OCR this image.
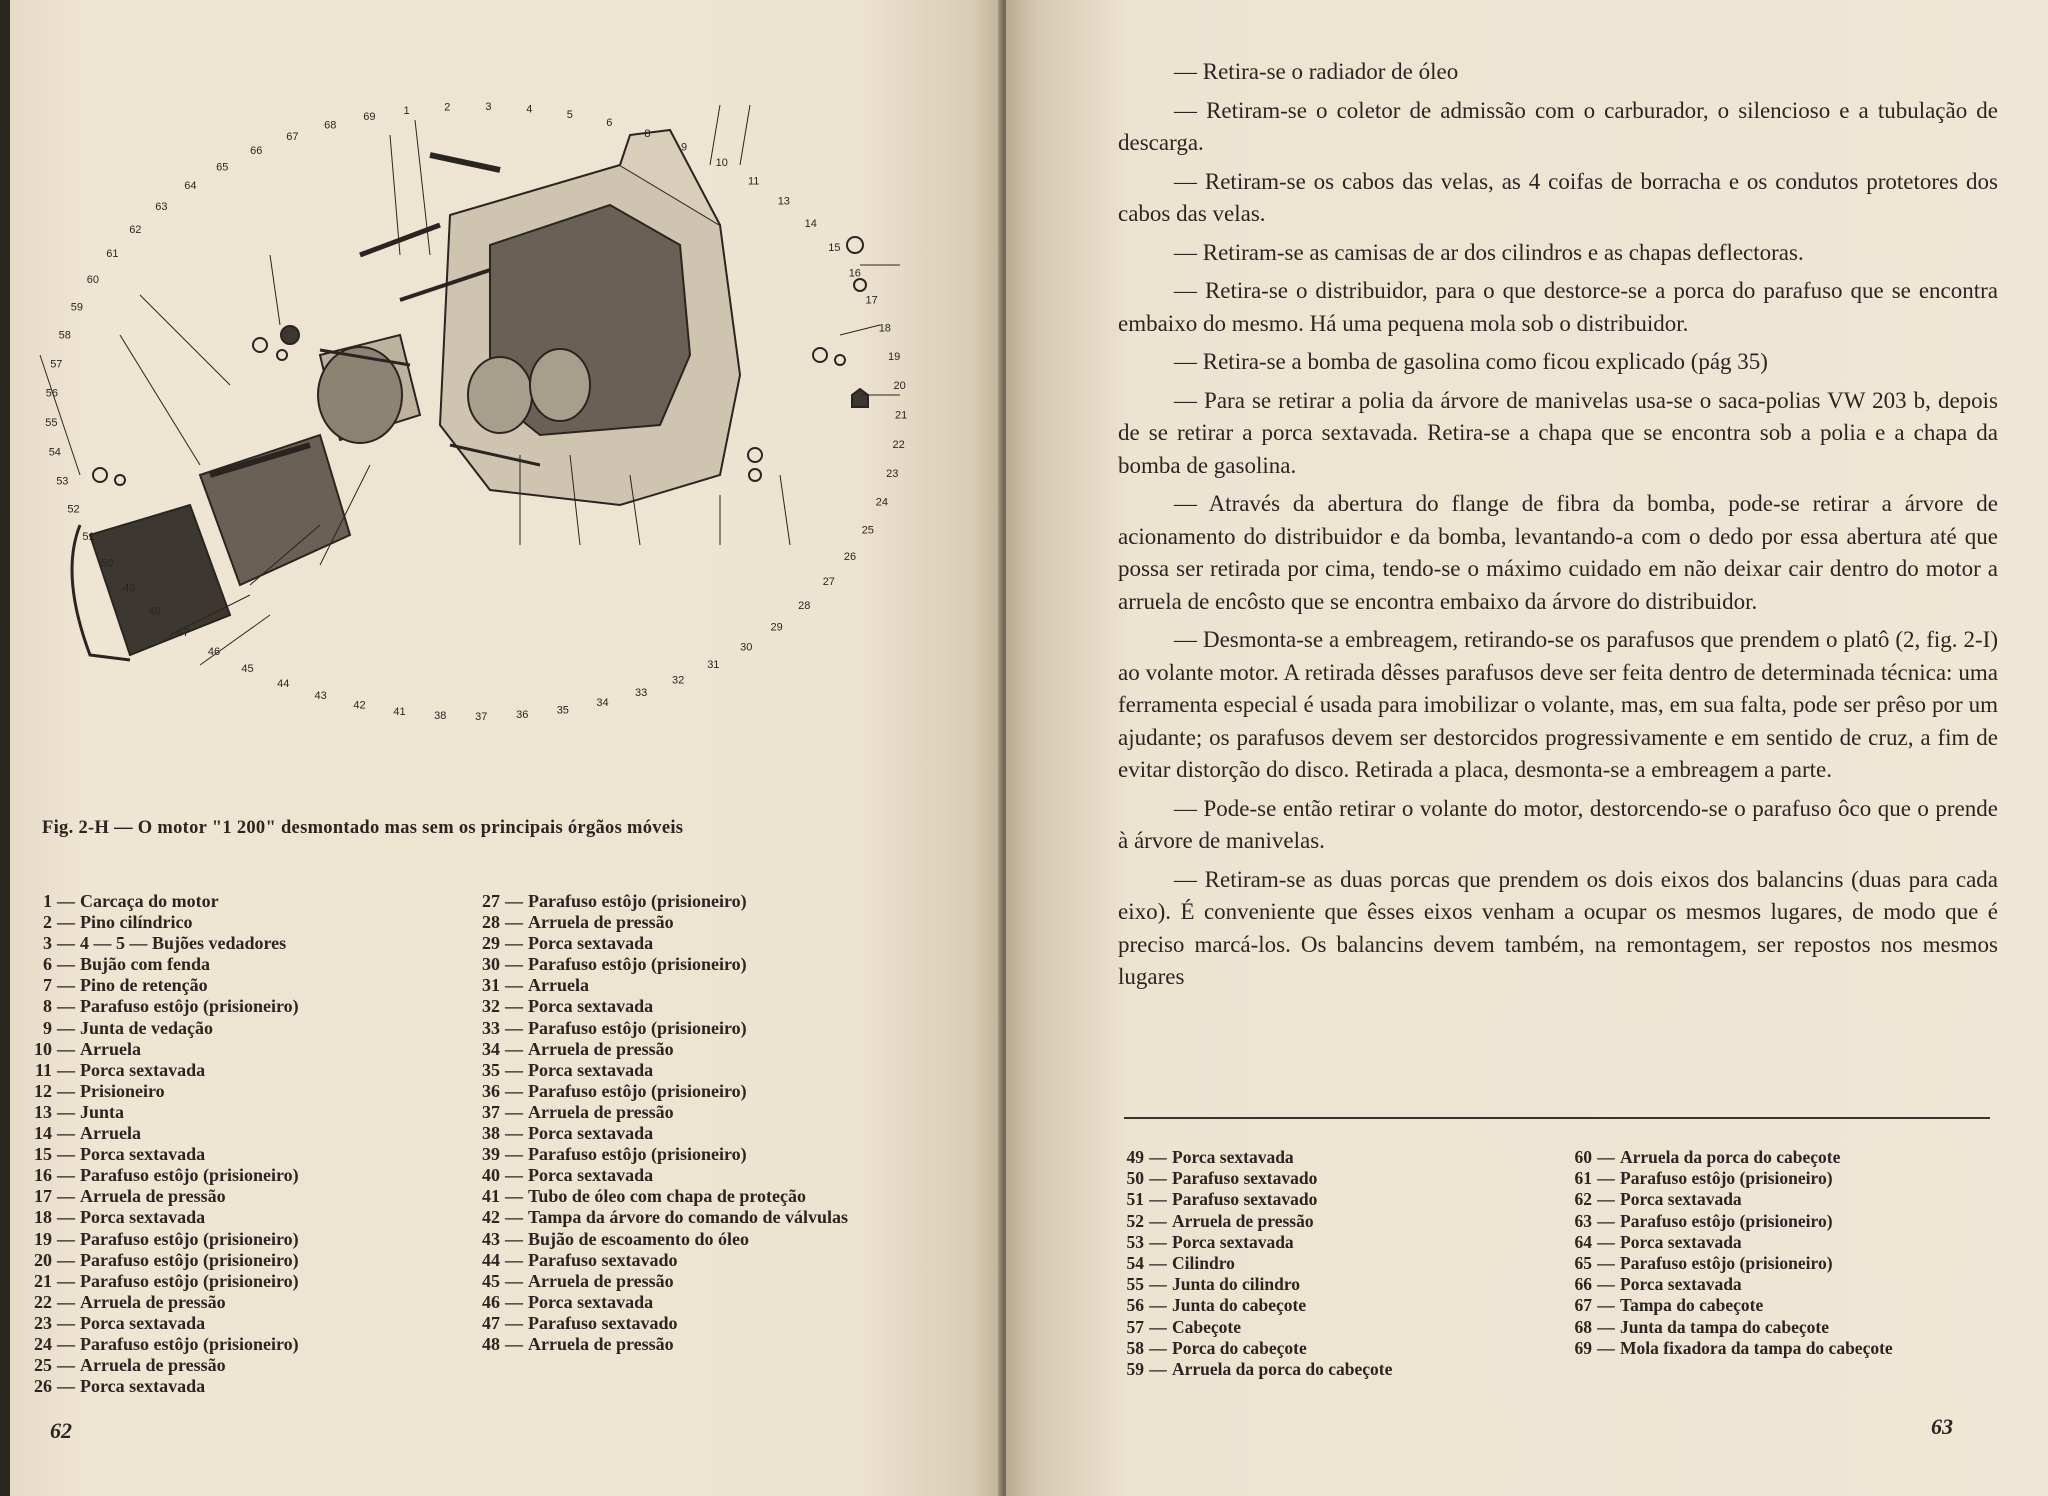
1	2	3	4	5
6
8
9
10
11
13
14
15
16
17
18
19
20
21
22
23
24
25
26
27
28
29
30
31
32
33
34
35
36
37
38
41
42
43
44
45
46
47
48
49
50
51
52
53
54
55
56
57
58
59
60
61
62
63
64
65
66
67
68
69
Fig. 2-H — O motor "1 200" desmontado mas sem os principais órgãos móveis
1 — Carcaça do motor
2 — Pino cilíndrico
3 — 4 — 5 — Bujões vedadores
6 — Bujão com fenda
7 — Pino de retenção
8 — Parafuso estôjo (prisioneiro)
9 — Junta de vedação
10 — Arruela
11 — Porca sextavada
12 — Prisioneiro
13 — Junta
14 — Arruela
15 — Porca sextavada
16 — Parafuso estôjo (prisioneiro)
17 — Arruela de pressão
18 — Porca sextavada
19 — Parafuso estôjo (prisioneiro)
20 — Parafuso estôjo (prisioneiro)
21 — Parafuso estôjo (prisioneiro)
22 — Arruela de pressão
23 — Porca sextavada
24 — Parafuso estôjo (prisioneiro)
25 — Arruela de pressão
26 — Porca sextavada
27 — Parafuso estôjo (prisioneiro)
28 — Arruela de pressão
29 — Porca sextavada
30 — Parafuso estôjo (prisioneiro)
31 — Arruela
32 — Porca sextavada
33 — Parafuso estôjo (prisioneiro)
34 — Arruela de pressão
35 — Porca sextavada
36 — Parafuso estôjo (prisioneiro)
37 — Arruela de pressão
38 — Porca sextavada
39 — Parafuso estôjo (prisioneiro)
40 — Porca sextavada
41 — Tubo de óleo com chapa de proteção
42 — Tampa da árvore do comando de válvulas
43 — Bujão de escoamento do óleo
44 — Parafuso sextavado
45 — Arruela de pressão
46 — Porca sextavada
47 — Parafuso sextavado
48 — Arruela de pressão
62

— Retira-se o radiador de óleo

— Retiram-se o coletor de admissão com o carburador, o silencioso e a tubulação de descarga.

— Retiram-se os cabos das velas, as 4 coifas de borracha e os condutos protetores dos cabos das velas.

— Retiram-se as camisas de ar dos cilindros e as chapas deflectoras.

— Retira-se o distribuidor, para o que destorce-se a porca do parafuso que se encontra embaixo do mesmo. Há uma pequena mola sob o distribuidor.

— Retira-se a bomba de gasolina como ficou explicado (pág 35)

— Para se retirar a polia da árvore de manivelas usa-se o saca-polias VW 203 b, depois de se retirar a porca sextavada. Retira-se a chapa que se encontra sob a polia e a chapa da bomba de gasolina.

— Através da abertura do flange de fibra da bomba, pode-se retirar a árvore de acionamento do distribuidor e da bomba, levantando-a com o dedo por essa abertura até que possa ser retirada por cima, tendo-se o máximo cuidado em não deixar cair dentro do motor a arruela de encôsto que se encontra embaixo da árvore do distribuidor.

— Desmonta-se a embreagem, retirando-se os parafusos que prendem o platô (2, fig. 2-I) ao volante motor. A retirada dêsses parafusos deve ser feita dentro de determinada técnica: uma ferramenta especial é usada para imobilizar o volante, mas, em sua falta, pode ser prêso por um ajudante; os parafusos devem ser destorcidos progressivamente e em sentido de cruz, a fim de evitar distorção do disco. Retirada a placa, desmonta-se a embreagem a parte.

— Pode-se então retirar o volante do motor, destorcendo-se o parafuso ôco que o prende à árvore de manivelas.

— Retiram-se as duas porcas que prendem os dois eixos dos balancins (duas para cada eixo). É conveniente que êsses eixos venham a ocupar os mesmos lugares, de modo que é preciso marcá-los. Os balancins devem também, na remontagem, ser repostos nos mesmos lugares

49 — Porca sextavada
50 — Parafuso sextavado
51 — Parafuso sextavado
52 — Arruela de pressão
53 — Porca sextavada
54 — Cilindro
55 — Junta do cilindro
56 — Junta do cabeçote
57 — Cabeçote
58 — Porca do cabeçote
59 — Arruela da porca do cabeçote
60 — Arruela da porca do cabeçote
61 — Parafuso estôjo (prisioneiro)
62 — Porca sextavada
63 — Parafuso estôjo (prisioneiro)
64 — Porca sextavada
65 — Parafuso estôjo (prisioneiro)
66 — Porca sextavada
67 — Tampa do cabeçote
68 — Junta da tampa do cabeçote
69 — Mola fixadora da tampa do cabeçote
63
